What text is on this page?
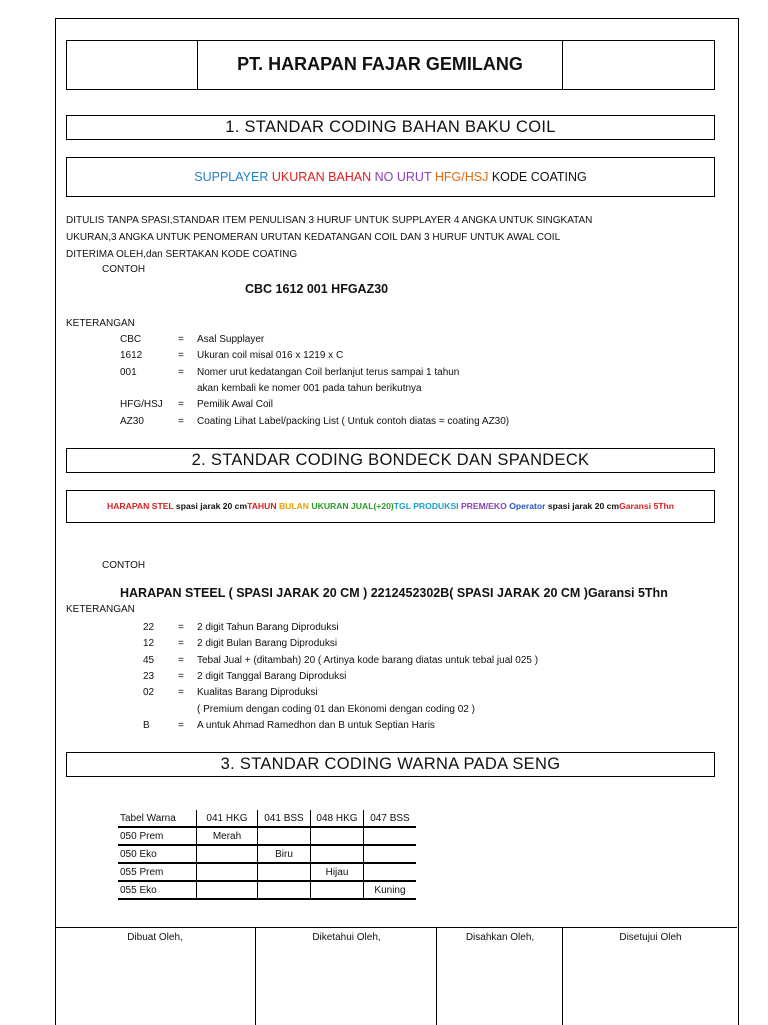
PT. HARAPAN FAJAR GEMILANG
1. STANDAR CODING BAHAN BAKU COIL
SUPPLAYER UKURAN BAHAN NO URUT HFG/HSJ KODE COATING
DITULIS TANPA SPASI,STANDAR ITEM PENULISAN 3 HURUF UNTUK SUPPLAYER 4 ANGKA UNTUK SINGKATAN
UKURAN,3 ANGKA UNTUK PENOMERAN URUTAN KEDATANGAN COIL DAN 3 HURUF UNTUK AWAL COIL
DITERIMA OLEH,dan SERTAKAN KODE COATING
CONTOH
CBC 1612 001 HFGAZ30
KETERANGAN
CBC	= Asal Supplayer
1612	= Ukuran coil misal 016 x 1219 x C
001	= Nomer urut kedatangan Coil berlanjut terus sampai 1 tahun
akan kembali ke nomer 001 pada tahun berikutnya
HFG/HSJ = Pemilik Awal Coil
AZ30	= Coating Lihat Label/packing List ( Untuk contoh diatas = coating AZ30)
2. STANDAR CODING BONDECK DAN SPANDECK
HARAPAN STEL spasi jarak 20 cmTAHUN BULAN UKURAN JUAL(+20)TGL PRODUKSI PREM/EKO Operator spasi jarak 20 cmGaransi 5Thn
CONTOH
HARAPAN STEEL ( SPASI JARAK 20 CM ) 2212452302B( SPASI JARAK 20 CM )Garansi 5Thn
KETERANGAN
22 = 2 digit Tahun Barang Diproduksi
12 = 2 digit Bulan Barang Diproduksi
45 = Tebal Jual + (ditambah) 20 ( Artinya kode barang diatas untuk tebal jual 025 )
23 = 2 digit Tanggal Barang Diproduksi
02 = Kualitas Barang Diproduksi
( Premium dengan coding 01 dan Ekonomi dengan coding 02 )
B	= A untuk Ahmad Ramedhon dan B untuk Septian Haris
3. STANDAR CODING WARNA PADA SENG
Tabel Warna	041 HKG	041 BSS	048 HKG	047 BSS
050 Prem	Merah			
050 Eko		Biru		
055 Prem			Hijau	
055 Eko				Kuning
Dibuat Oleh,	Diketahui Oleh,	Disahkan Oleh,	Disetujui Oleh
